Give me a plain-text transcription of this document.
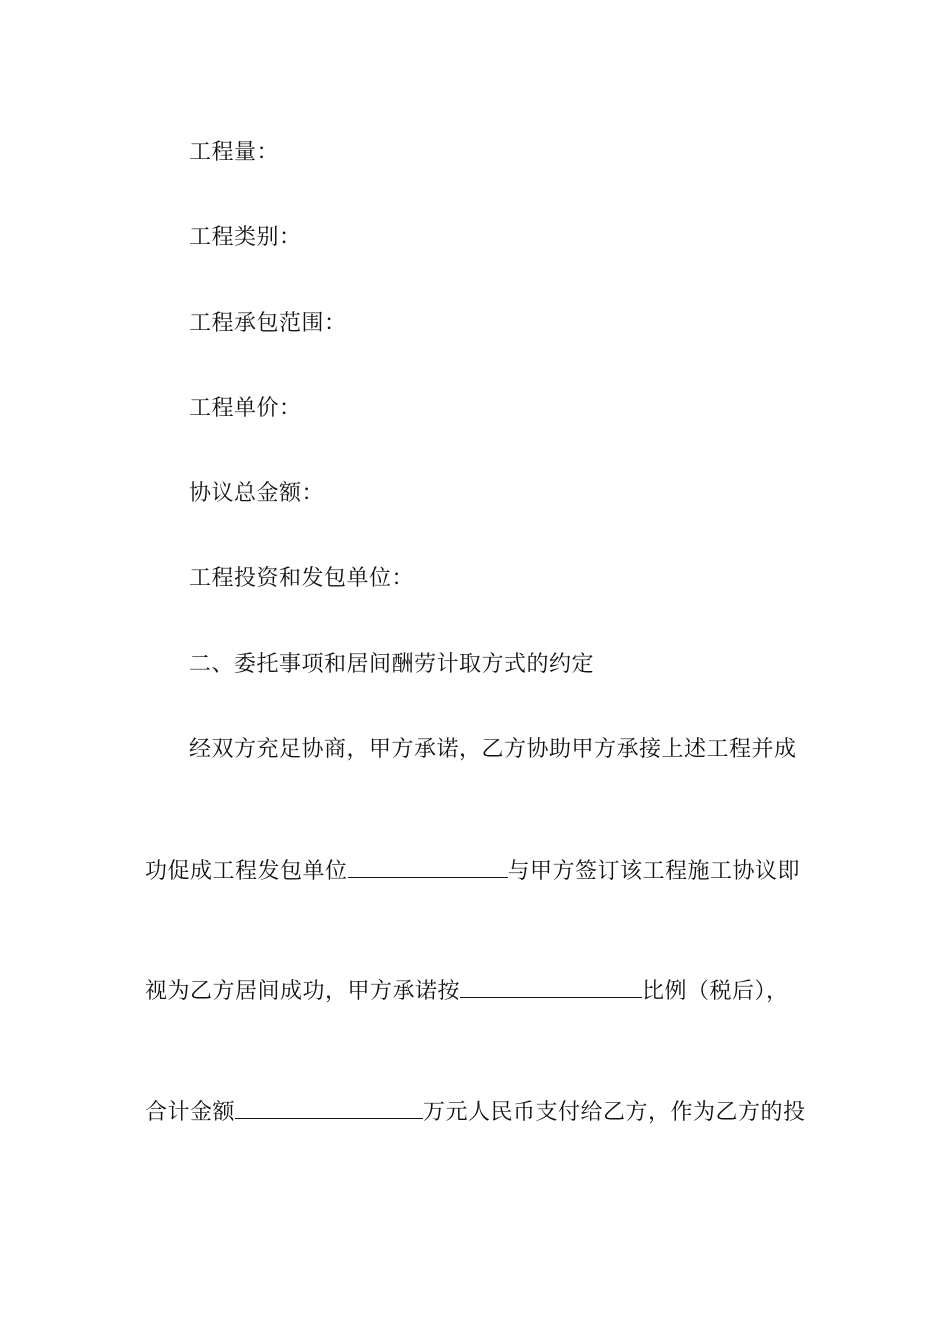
工程量：
工程类别：
工程承包范围：
工程单价：
协议总金额：
工程投资和发包单位：
二、委托事项和居间酬劳计取方式的约定
经双方充足协商，甲方承诺，乙方协助甲方承接上述工程并成
功促成工程发包单位	与甲方签订该工程施工协议即
视为乙方居间成功，甲方承诺按	比例（税后），
合计金额	万元人民币支付给乙方，作为乙方的投
